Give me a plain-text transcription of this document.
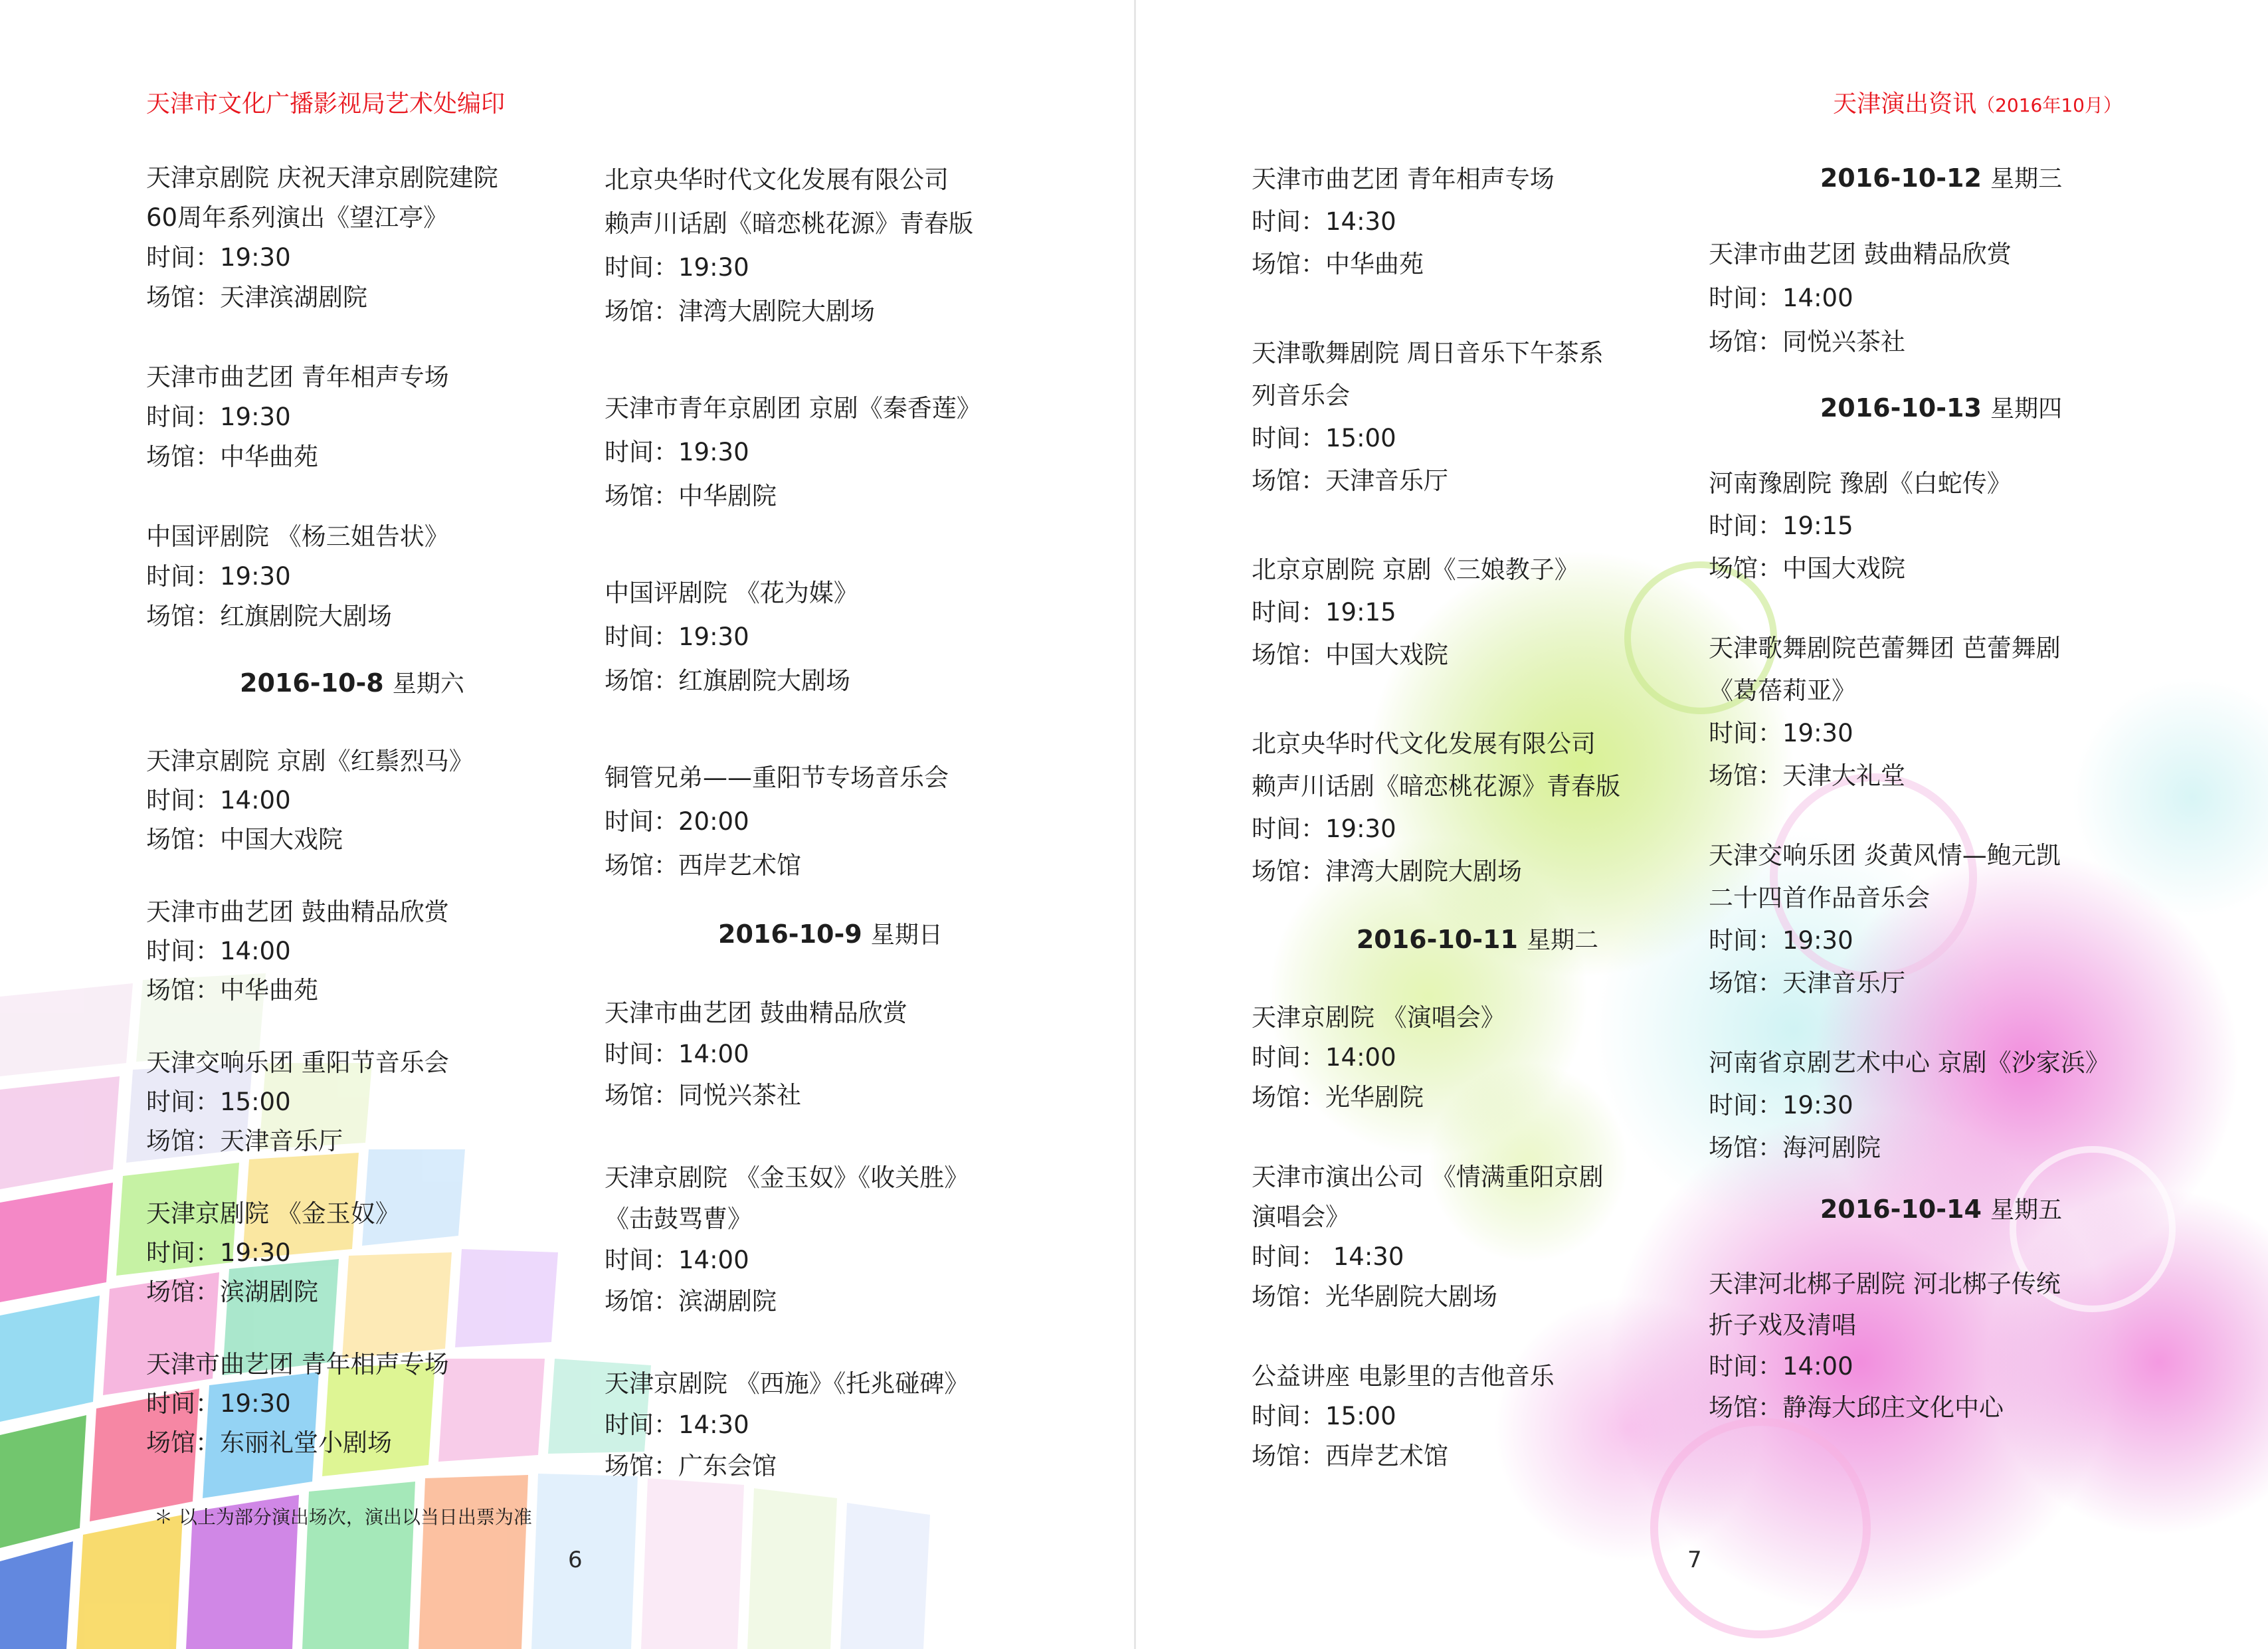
天津市文化广播影视局艺术处编印	天津演出资讯（2016年10月）
天津京剧院 庆祝天津京剧院建院
60周年系列演出《望江亭》
时间：19:30
场馆：天津滨湖剧院
天津市曲艺团 青年相声专场
时间：19:30
场馆：中华曲苑
中国评剧院 《杨三姐告状》
时间：19:30
场馆：红旗剧院大剧场
2016-10-8 星期六
天津京剧院 京剧《红鬃烈马》
时间：14:00
场馆：中国大戏院
天津市曲艺团 鼓曲精品欣赏
时间：14:00
场馆：中华曲苑
天津交响乐团 重阳节音乐会
时间：15:00
场馆：天津音乐厅
天津京剧院 《金玉奴》
时间：19:30
场馆：滨湖剧院
天津市曲艺团 青年相声专场
时间：19:30
场馆：东丽礼堂小剧场
北京央华时代文化发展有限公司
赖声川话剧《暗恋桃花源》青春版
时间：19:30
场馆：津湾大剧院大剧场
天津市青年京剧团 京剧《秦香莲》
时间：19:30
场馆：中华剧院
中国评剧院 《花为媒》
时间：19:30
场馆：红旗剧院大剧场
铜管兄弟——重阳节专场音乐会
时间：20:00
场馆：西岸艺术馆
2016-10-9 星期日
天津市曲艺团 鼓曲精品欣赏
时间：14:00
场馆：同悦兴茶社
天津京剧院 《金玉奴》《收关胜》
《击鼓骂曹》
时间：14:00
场馆：滨湖剧院
天津京剧院 《西施》《托兆碰碑》
时间：14:30
场馆：广东会馆
＊ 以上为部分演出场次，演出以当日出票为准
6
天津市曲艺团 青年相声专场
时间：14:30
场馆：中华曲苑
天津歌舞剧院 周日音乐下午茶系
列音乐会
时间：15:00
场馆：天津音乐厅
北京京剧院 京剧《三娘教子》
时间：19:15
场馆：中国大戏院
北京央华时代文化发展有限公司
赖声川话剧《暗恋桃花源》青春版
时间：19:30
场馆：津湾大剧院大剧场
2016-10-11 星期二
天津京剧院 《演唱会》
时间：14:00
场馆：光华剧院
天津市演出公司 《情满重阳京剧
演唱会》
时间： 14:30
场馆：光华剧院大剧场
公益讲座 电影里的吉他音乐
时间：15:00
场馆：西岸艺术馆
2016-10-12 星期三
天津市曲艺团 鼓曲精品欣赏
时间：14:00
场馆：同悦兴茶社
2016-10-13 星期四
河南豫剧院 豫剧《白蛇传》
时间：19:15
场馆：中国大戏院
天津歌舞剧院芭蕾舞团 芭蕾舞剧
《葛蓓莉亚》
时间：19:30
场馆：天津大礼堂
天津交响乐团 炎黄风情—鲍元凯
二十四首作品音乐会
时间：19:30
场馆：天津音乐厅
河南省京剧艺术中心 京剧《沙家浜》
时间：19:30
场馆：海河剧院
2016-10-14 星期五
天津河北梆子剧院 河北梆子传统
折子戏及清唱
时间：14:00
场馆：静海大邱庄文化中心
7
